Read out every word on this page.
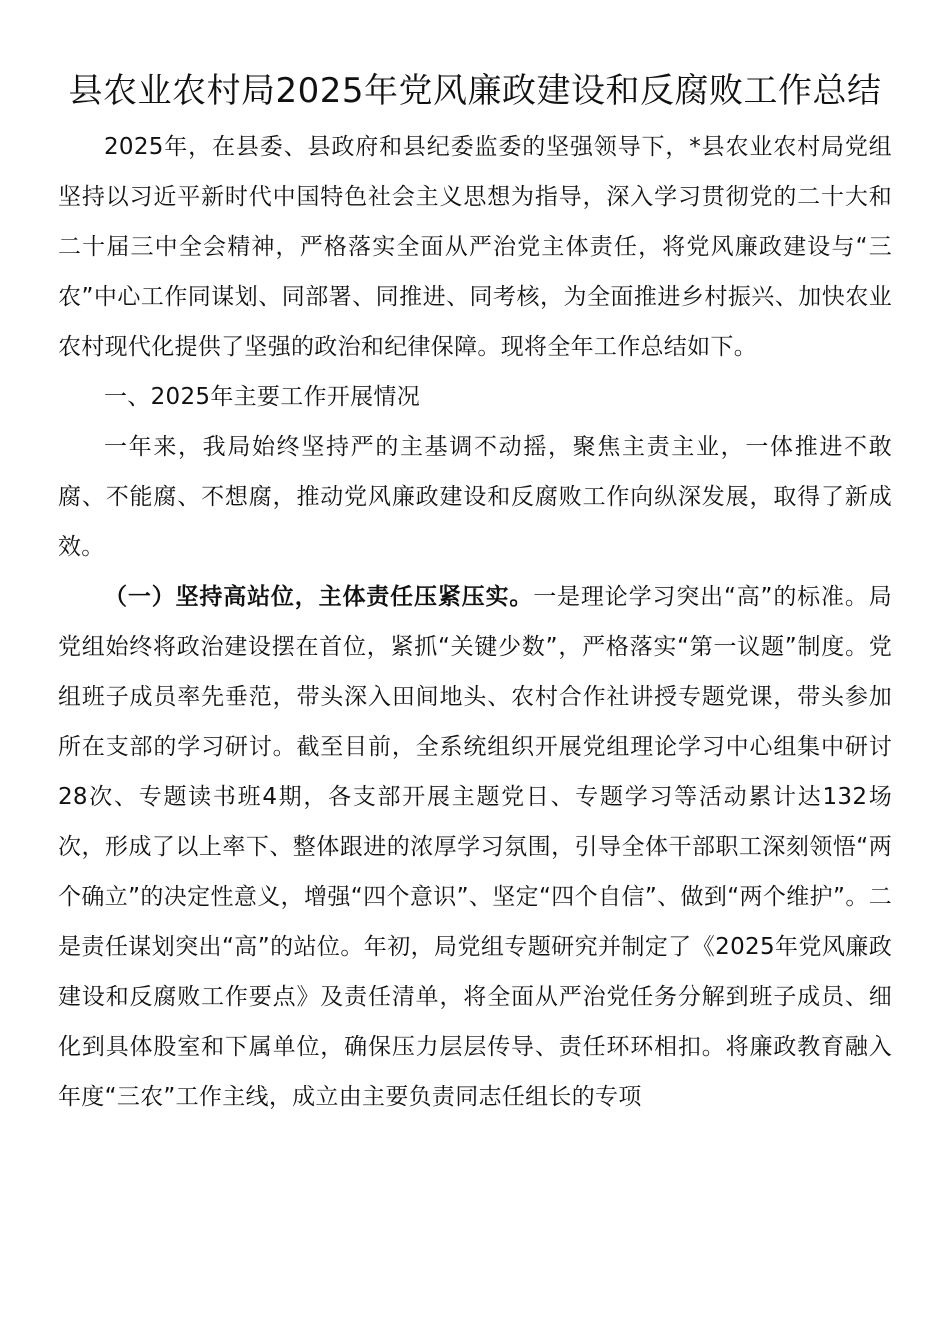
县农业农村局2025年党风廉政建设和反腐败工作总结

2025年，在县委、县政府和县纪委监委的坚强领导下，*县农业农村局党组坚持以习近平新时代中国特色社会主义思想为指导，深入学习贯彻党的二十大和二十届三中全会精神，严格落实全面从严治党主体责任，将党风廉政建设与“三农”中心工作同谋划、同部署、同推进、同考核，为全面推进乡村振兴、加快农业农村现代化提供了坚强的政治和纪律保障。现将全年工作总结如下。

一、2025年主要工作开展情况

一年来，我局始终坚持严的主基调不动摇，聚焦主责主业，一体推进不敢腐、不能腐、不想腐，推动党风廉政建设和反腐败工作向纵深发展，取得了新成效。

（一）坚持高站位，主体责任压紧压实。一是理论学习突出“高”的标准。局党组始终将政治建设摆在首位，紧抓“关键少数”，严格落实“第一议题”制度。党组班子成员率先垂范，带头深入田间地头、农村合作社讲授专题党课，带头参加所在支部的学习研讨。截至目前，全系统组织开展党组理论学习中心组集中研讨28次、专题读书班4期，各支部开展主题党日、专题学习等活动累计达132场次，形成了以上率下、整体跟进的浓厚学习氛围，引导全体干部职工深刻领悟“两个确立”的决定性意义，增强“四个意识”、坚定“四个自信”、做到“两个维护”。二是责任谋划突出“高”的站位。年初，局党组专题研究并制定了《2025年党风廉政建设和反腐败工作要点》及责任清单，将全面从严治党任务分解到班子成员、细化到具体股室和下属单位，确保压力层层传导、责任环环相扣。将廉政教育融入年度“三农”工作主线，成立由主要负责同志任组长的专项
